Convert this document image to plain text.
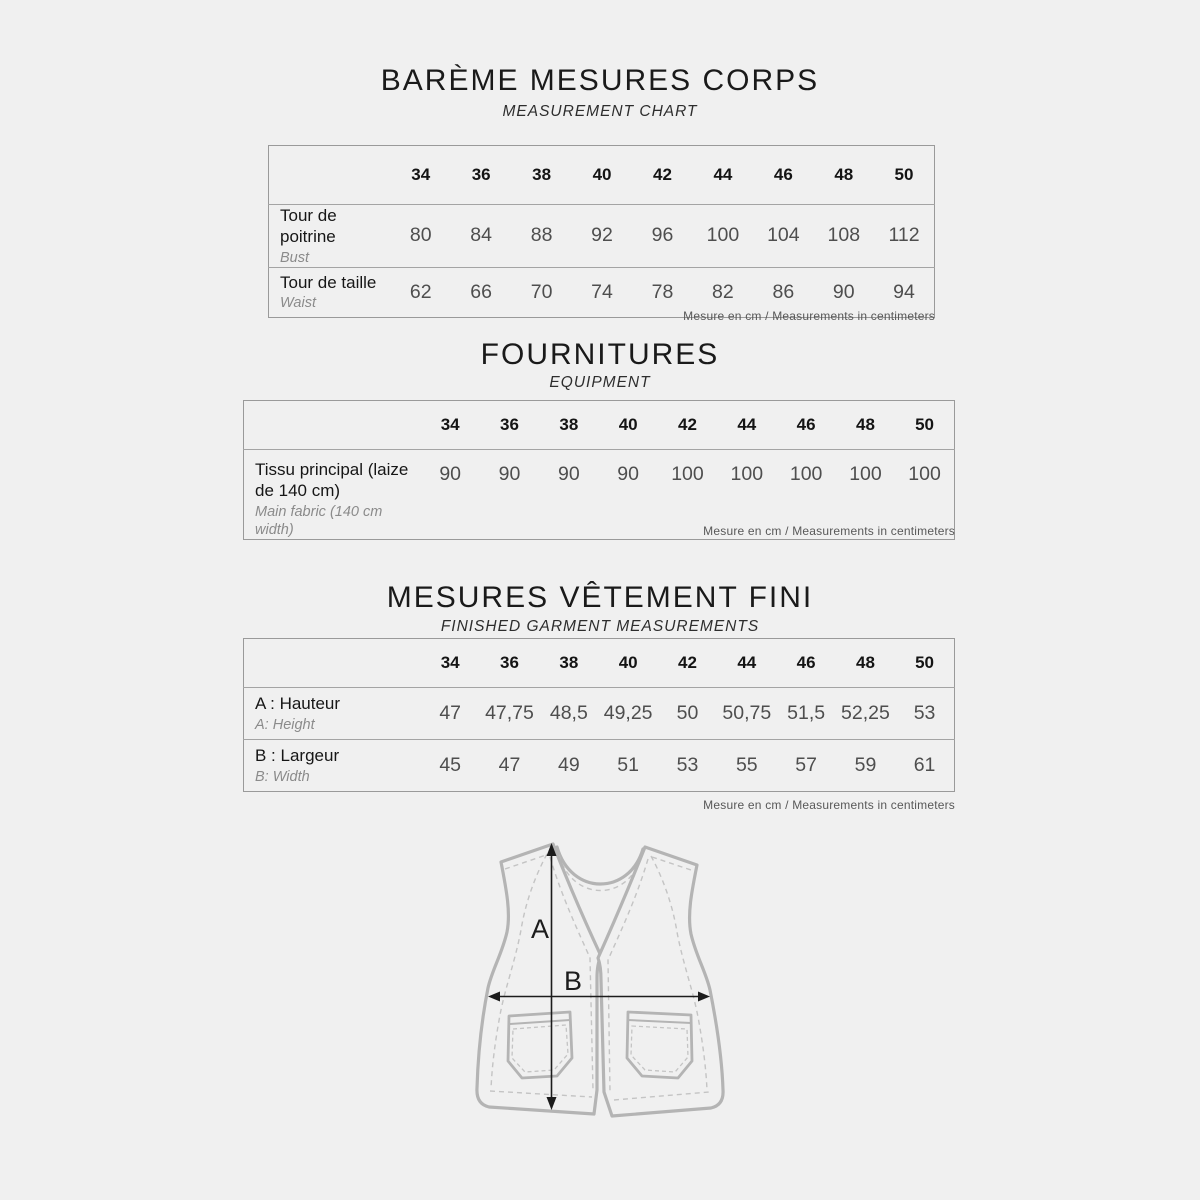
BARÈME MESURES CORPS
MEASUREMENT CHART
	34	36	38	40	42	44	46	48	50

Tour de poitrine
Bust	80	84	88	92	96	100	104	108	112

Tour de taille
Waist	62	66	70	74	78	82	86	90	94
Mesure en cm / Measurements in centimeters
FOURNITURES
EQUIPMENT
	34	36	38	40	42	44	46	48	50

Tissu principal (laize de 140 cm)
Main fabric (140 cm width)	90	90	90	90	100	100	100	100	100
Mesure en cm / Measurements in centimeters
MESURES VÊTEMENT FINI
FINISHED GARMENT MEASUREMENTS
	34	36	38	40	42	44	46	48	50

A : Hauteur
A: Height	47	47,75	48,5	49,25	50	50,75	51,5	52,25	53

B : Largeur
B: Width	45	47	49	51	53	55	57	59	61
Mesure en cm / Measurements in centimeters
A
B
